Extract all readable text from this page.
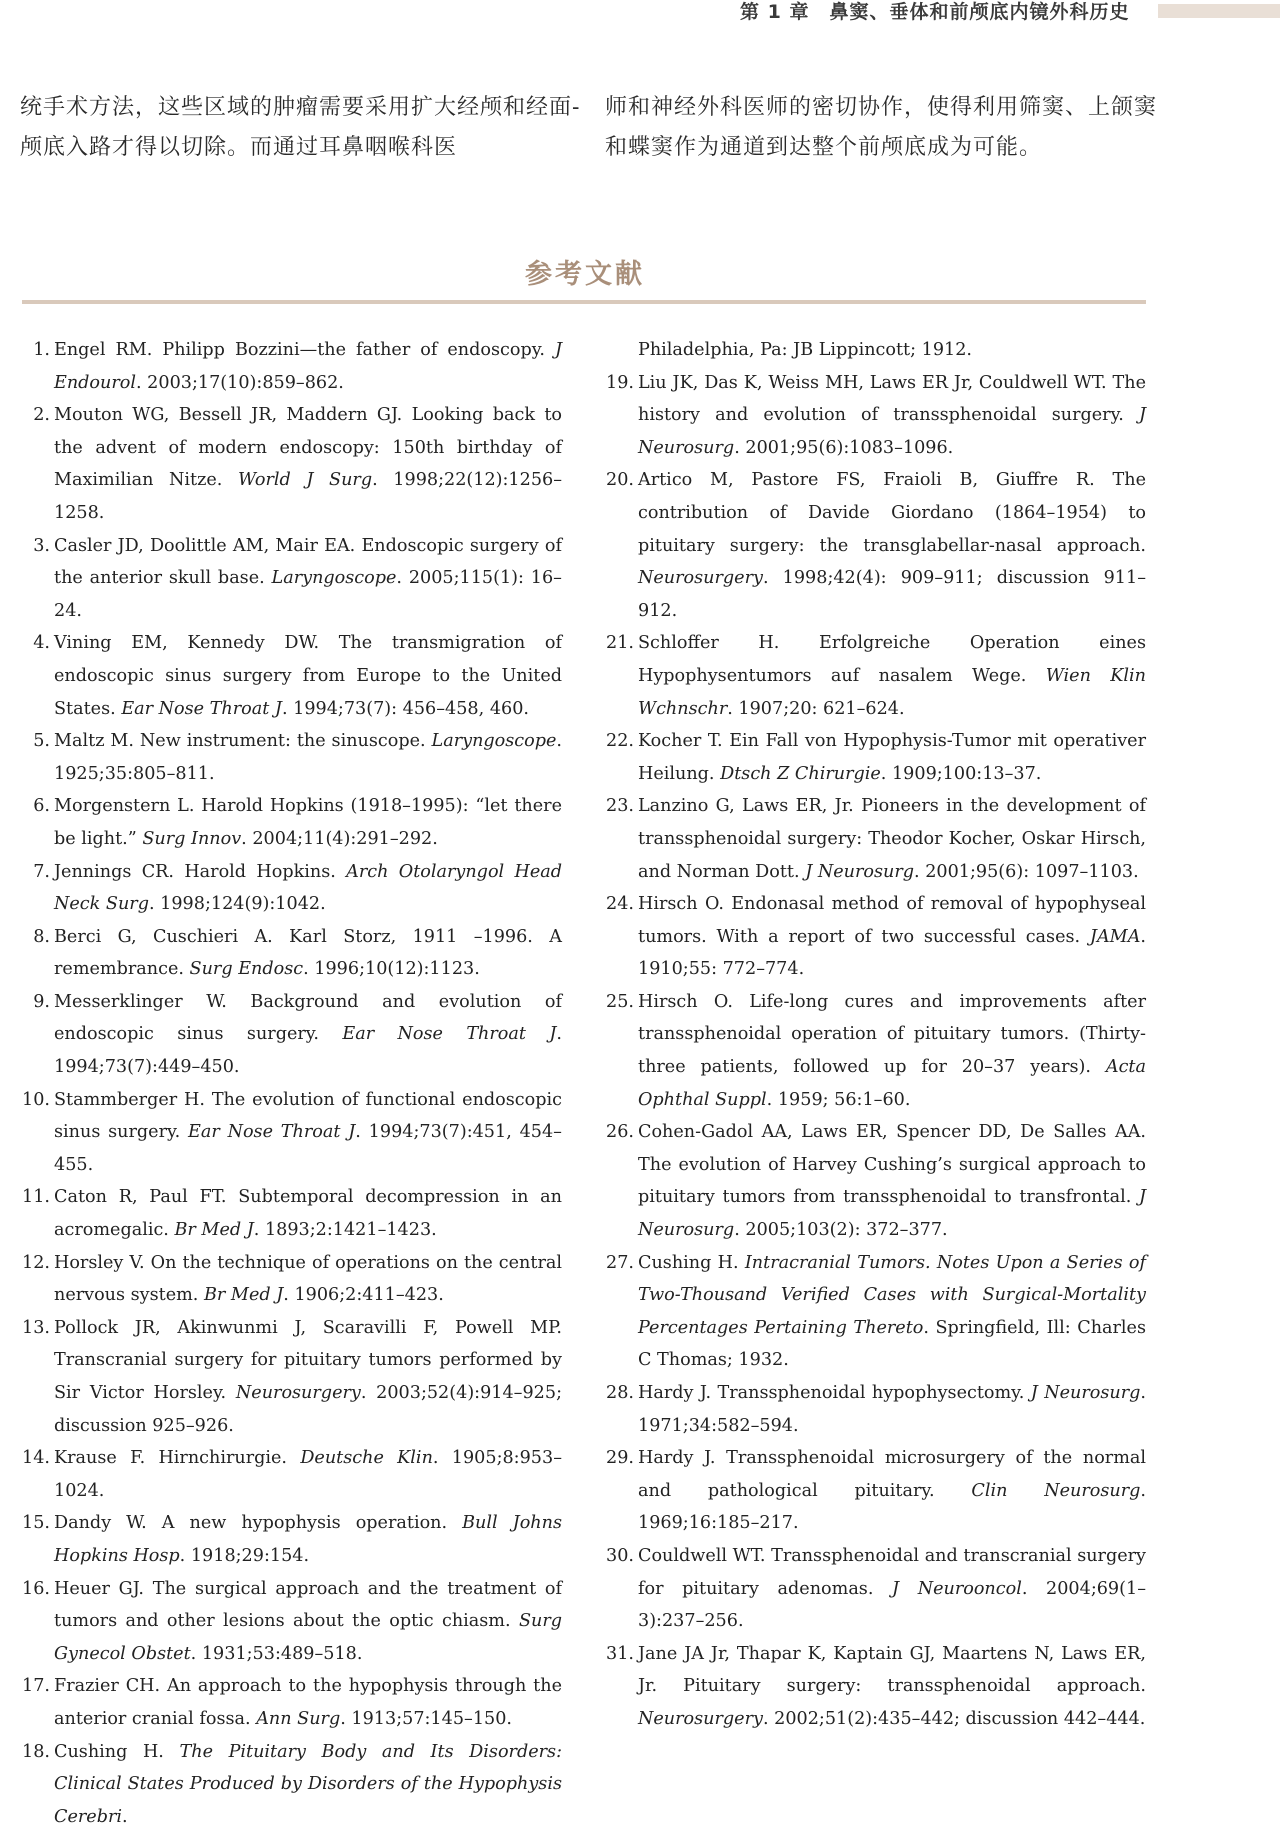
第 1 章　鼻窦、垂体和前颅底内镜外科历史
统手术方法，这些区域的肿瘤需要采用扩大经颅和经面-颅底入路才得以切除。而通过耳鼻咽喉科医
师和神经外科医师的密切协作，使得利用筛窦、上颌窦和蝶窦作为通道到达整个前颅底成为可能。
参考文献
1. Engel RM. Philipp Bozzini—the father of endoscopy. J Endourol. 2003;17(10):859–862.
2. Mouton WG, Bessell JR, Maddern GJ. Looking back to the advent of modern endoscopy: 150th birthday of Maximilian Nitze. World J Surg. 1998;22(12):1256–1258.
3. Casler JD, Doolittle AM, Mair EA. Endoscopic surgery of the anterior skull base. Laryngoscope. 2005;115(1): 16–24.
4. Vining EM, Kennedy DW. The transmigration of endoscopic sinus surgery from Europe to the United States. Ear Nose Throat J. 1994;73(7): 456–458, 460.
5. Maltz M. New instrument: the sinuscope. Laryngoscope. 1925;35:805–811.
6. Morgenstern L. Harold Hopkins (1918–1995): “let there be light.” Surg Innov. 2004;11(4):291–292.
7. Jennings CR. Harold Hopkins. Arch Otolaryngol Head Neck Surg. 1998;124(9):1042.
8. Berci G, Cuschieri A. Karl Storz, 1911 –1996. A remembrance. Surg Endosc. 1996;10(12):1123.
9. Messerklinger W. Background and evolution of endoscopic sinus surgery. Ear Nose Throat J. 1994;73(7):449–450.
10. Stammberger H. The evolution of functional endoscopic sinus surgery. Ear Nose Throat J. 1994;73(7):451, 454–455.
11. Caton R, Paul FT. Subtemporal decompression in an acromegalic. Br Med J. 1893;2:1421–1423.
12. Horsley V. On the technique of operations on the central nervous system. Br Med J. 1906;2:411–423.
13. Pollock JR, Akinwunmi J, Scaravilli F, Powell MP. Transcranial surgery for pituitary tumors performed by Sir Victor Horsley. Neurosurgery. 2003;52(4):914–925; discussion 925–926.
14. Krause F. Hirnchirurgie. Deutsche Klin. 1905;8:953–1024.
15. Dandy W. A new hypophysis operation. Bull Johns Hopkins Hosp. 1918;29:154.
16. Heuer GJ. The surgical approach and the treatment of tumors and other lesions about the optic chiasm. Surg Gynecol Obstet. 1931;53:489–518.
17. Frazier CH. An approach to the hypophysis through the anterior cranial fossa. Ann Surg. 1913;57:145–150.
18. Cushing H. The Pituitary Body and Its Disorders: Clinical States Produced by Disorders of the Hypophysis Cerebri.
Philadelphia, Pa: JB Lippincott; 1912.
19. Liu JK, Das K, Weiss MH, Laws ER Jr, Couldwell WT. The history and evolution of transsphenoidal surgery. J Neurosurg. 2001;95(6):1083–1096.
20. Artico M, Pastore FS, Fraioli B, Giuffre R. The contribution of Davide Giordano (1864–1954) to pituitary surgery: the transglabellar-nasal approach. Neurosurgery. 1998;42(4): 909–911; discussion 911–912.
21. Schloffer H. Erfolgreiche Operation eines Hypophysentumors auf nasalem Wege. Wien Klin Wchnschr. 1907;20: 621–624.
22. Kocher T. Ein Fall von Hypophysis-Tumor mit operativer Heilung. Dtsch Z Chirurgie. 1909;100:13–37.
23. Lanzino G, Laws ER, Jr. Pioneers in the development of transsphenoidal surgery: Theodor Kocher, Oskar Hirsch, and Norman Dott. J Neurosurg. 2001;95(6): 1097–1103.
24. Hirsch O. Endonasal method of removal of hypophyseal tumors. With a report of two successful cases. JAMA. 1910;55: 772–774.
25. Hirsch O. Life-long cures and improvements after transsphenoidal operation of pituitary tumors. (Thirty-three patients, followed up for 20–37 years). Acta Ophthal Suppl. 1959; 56:1–60.
26. Cohen-Gadol AA, Laws ER, Spencer DD, De Salles AA. The evolution of Harvey Cushing’s surgical approach to pituitary tumors from transsphenoidal to transfrontal. J Neurosurg. 2005;103(2): 372–377.
27. Cushing H. Intracranial Tumors. Notes Upon a Series of Two-Thousand Verified Cases with Surgical-Mortality Percentages Pertaining Thereto. Springfield, Ill: Charles C Thomas; 1932.
28. Hardy J. Transsphenoidal hypophysectomy. J Neurosurg. 1971;34:582–594.
29. Hardy J. Transsphenoidal microsurgery of the normal and pathological pituitary. Clin Neurosurg. 1969;16:185–217.
30. Couldwell WT. Transsphenoidal and transcranial surgery for pituitary adenomas. J Neurooncol. 2004;69(1–3):237–256.
31. Jane JA Jr, Thapar K, Kaptain GJ, Maartens N, Laws ER, Jr. Pituitary surgery: transsphenoidal approach. Neurosurgery. 2002;51(2):435–442; discussion 442–444.
